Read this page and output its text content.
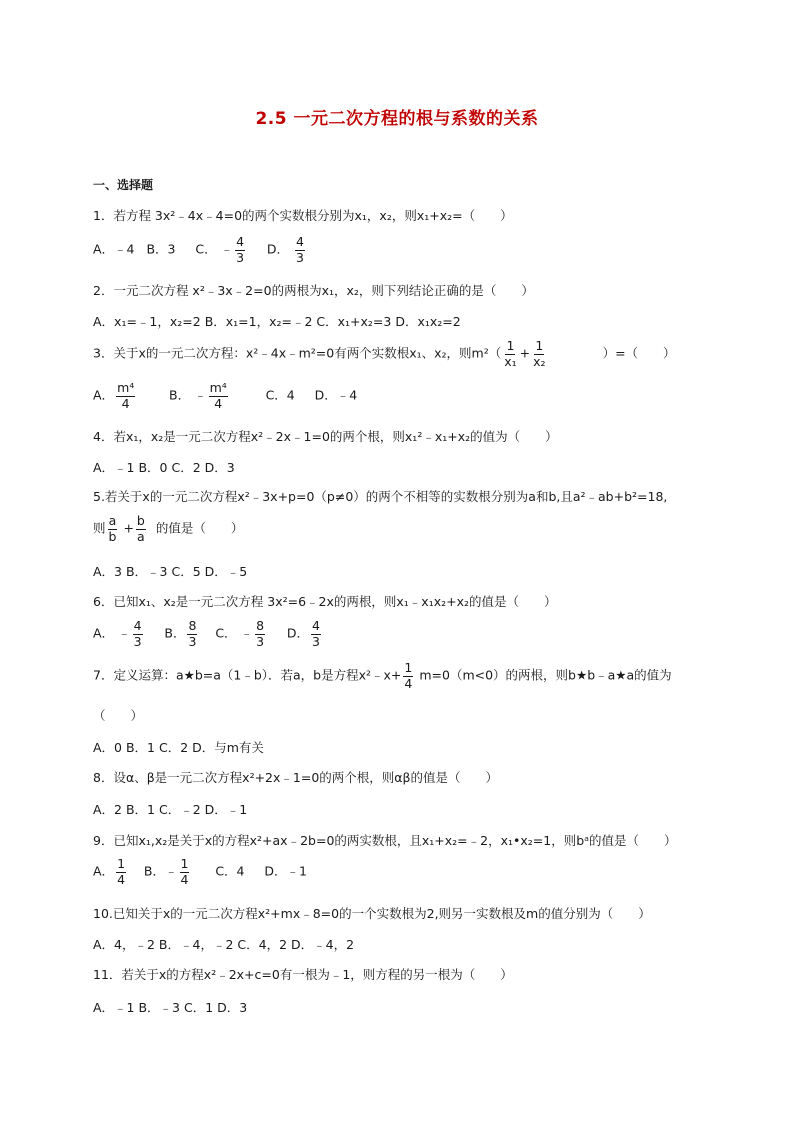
2.5 一元二次方程的根与系数的关系
一、选择题
1．若方程 3x²﹣4x﹣4=0的两个实数根分别为x₁，x₂，则x₁+x₂=（　　）
A．﹣4 B．3 C． ﹣ $\frac{4}{3}$ D． $\frac{4}{3}$
2．一元二次方程 x²﹣3x﹣2=0的两根为x₁，x₂，则下列结论正确的是（　　）
A．x₁=﹣1，x₂=2 B．x₁=1，x₂=﹣2 C．x₁+x₂=3 D．x₁x₂=2
3．关于x的一元二次方程：x²﹣4x﹣m²=0有两个实数根x₁、x₂，则$m^2( \frac{1}{\text{x₁}} + \frac{1}{\text{x₂}}$	）=（　　）
A． $\frac{\text{m⁴}}{4}$	B． ﹣ $\frac{\text{m⁴}}{4}$	C．4 D．﹣4
4．若x₁，x₂是一元二次方程x²﹣2x﹣1=0的两个根，则x₁²﹣x₁+x₂的值为（　　）
A．﹣1 B．0 C．2 D．3
5.若关于x的一元二次方程x²﹣3x+p=0（p≠0）的两个不相等的实数根分别为a和b,且a²﹣ab+b²=18,
则 $\frac{a}{b} + \frac{b}{a}$ 的值是（　　）
A．3 B．﹣3 C．5 D．﹣5
6．已知x₁、x₂是一元二次方程 3x²=6﹣2x的两根，则x₁﹣x₁x₂+x₂的值是（　　）
A． ﹣ $\frac{4}{3}$ B． $\frac{8}{3}$ C． ﹣ $\frac{8}{3}$ D． $\frac{4}{3}$
7．定义运算：a★b=a（1﹣b）．若a，b是方程x²﹣x+ $\frac{1}{4} m=0(m<0)$的两根，则b★b﹣a★a的值为
（　　）
A．0 B．1 C．2 D．与m有关
8．设α、β是一元二次方程x²+2x﹣1=0的两个根，则αβ的值是（　　）
A．2 B．1 C．﹣2 D．﹣1
9．已知x₁,x₂是关于x的方程x²+ax﹣2b=0的两实数根，且x₁+x₂=﹣2，x₁•x₂=1，则bᵃ的值是（　　）
A． $\frac{1}{4}$ B．﹣ $\frac{1}{4}$ C．4 D．﹣1
10.已知关于x的一元二次方程x²+mx﹣8=0的一个实数根为2,则另一实数根及m的值分别为（　　）
A．4，﹣2 B．﹣4，﹣2 C．4，2 D．﹣4，2
11．若关于x的方程x²﹣2x+c=0有一根为﹣1，则方程的另一根为（　　）
A．﹣1 B．﹣3 C．1 D．3
